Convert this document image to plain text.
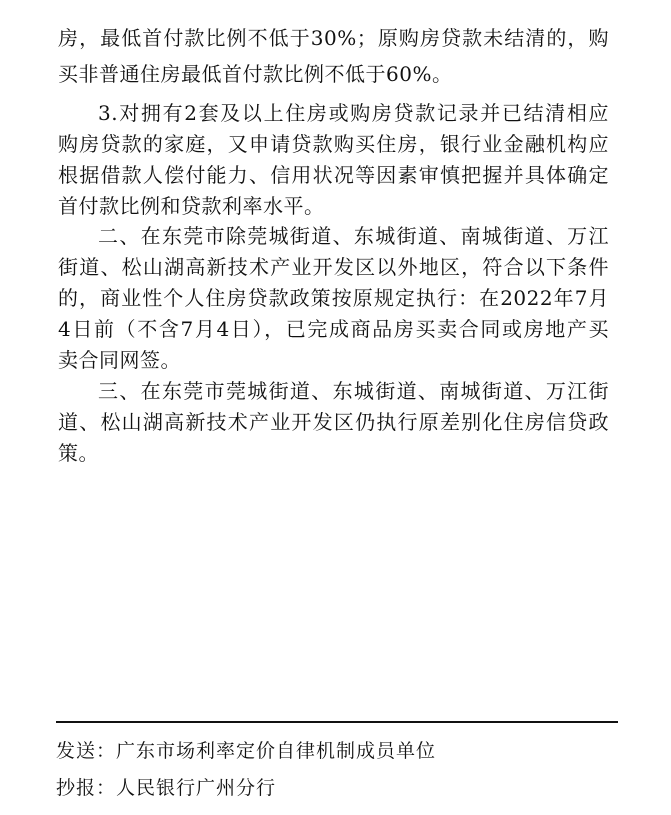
房，最低首付款比例不低于30%；原购房贷款未结清的，购
买非普通住房最低首付款比例不低于60%。
3.对拥有2套及以上住房或购房贷款记录并已结清相应
购房贷款的家庭，又申请贷款购买住房，银行业金融机构应
根据借款人偿付能力、信用状况等因素审慎把握并具体确定
首付款比例和贷款利率水平。
二、在东莞市除莞城街道、东城街道、南城街道、万江
街道、松山湖高新技术产业开发区以外地区，符合以下条件
的，商业性个人住房贷款政策按原规定执行：在2022年7月
4日前（不含7月4日），已完成商品房买卖合同或房地产买
卖合同网签。
三、在东莞市莞城街道、东城街道、南城街道、万江街
道、松山湖高新技术产业开发区仍执行原差别化住房信贷政
策。
发送：广东市场利率定价自律机制成员单位
抄报：人民银行广州分行
